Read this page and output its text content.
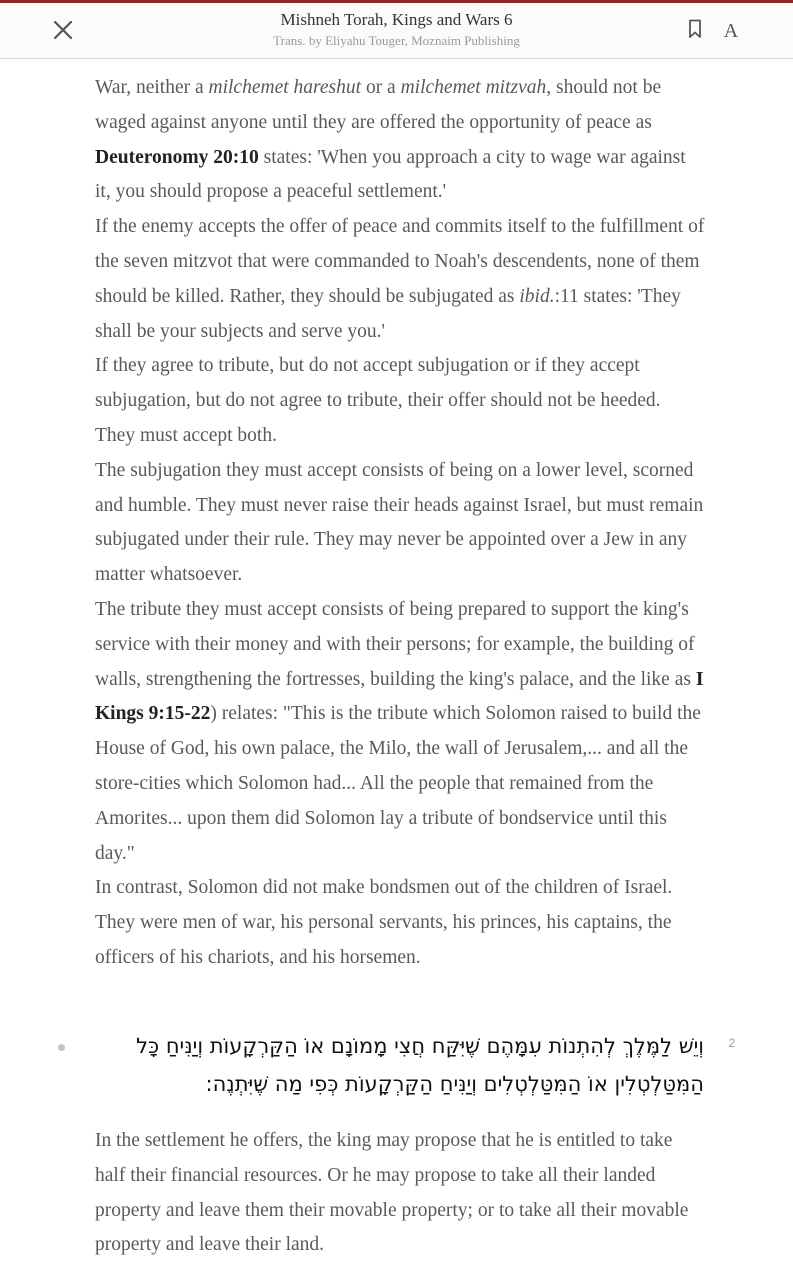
Mishneh Torah, Kings and Wars 6
Trans. by Eliyahu Touger, Moznaim Publishing	A

War, neither a milchemet hareshut or a milchemet mitzvah, should not be waged against anyone until they are offered the opportunity of peace as Deuteronomy 20:10 states: 'When you approach a city to wage war against it, you should propose a peaceful settlement.'

If the enemy accepts the offer of peace and commits itself to the fulfillment of the seven mitzvot that were commanded to Noah's descendents, none of them should be killed. Rather, they should be subjugated as ibid.:11 states: 'They shall be your subjects and serve you.'

If they agree to tribute, but do not accept subjugation or if they accept subjugation, but do not agree to tribute, their offer should not be heeded. They must accept both.

The subjugation they must accept consists of being on a lower level, scorned and humble. They must never raise their heads against Israel, but must remain subjugated under their rule. They may never be appointed over a Jew in any matter whatsoever.

The tribute they must accept consists of being prepared to support the king's service with their money and with their persons; for example, the building of walls, strengthening the fortresses, building the king's palace, and the like as I Kings 9:15-22) relates: "This is the tribute which Solomon raised to build the House of God, his own palace, the Milo, the wall of Jerusalem,... and all the store-cities which Solomon had... All the people that remained from the Amorites... upon them did Solomon lay a tribute of bondservice until this day."

In contrast, Solomon did not make bondsmen out of the children of Israel. They were men of war, his personal servants, his princes, his captains, the officers of his chariots, and his horsemen.

וְיֵשׁ לַמֶּלֶךְ לְהִתְנוֹת עִמָּהֶם שֶׁיִּקַּח חֲצִי מָמוֹנָם אוֹ הַקַּרְקָעוֹת וְיַנִּיחַ כָּל הַמִּטַּלְטְלִין אוֹ הַמִּטַּלְטְלִים וְיַנִּיחַ הַקַּרְקָעוֹת כְּפִי מַה שֶּׁיִּתְנֶה:
2

In the settlement he offers, the king may propose that he is entitled to take half their financial resources. Or he may propose to take all their landed property and leave them their movable property; or to take all their movable property and leave their land.
